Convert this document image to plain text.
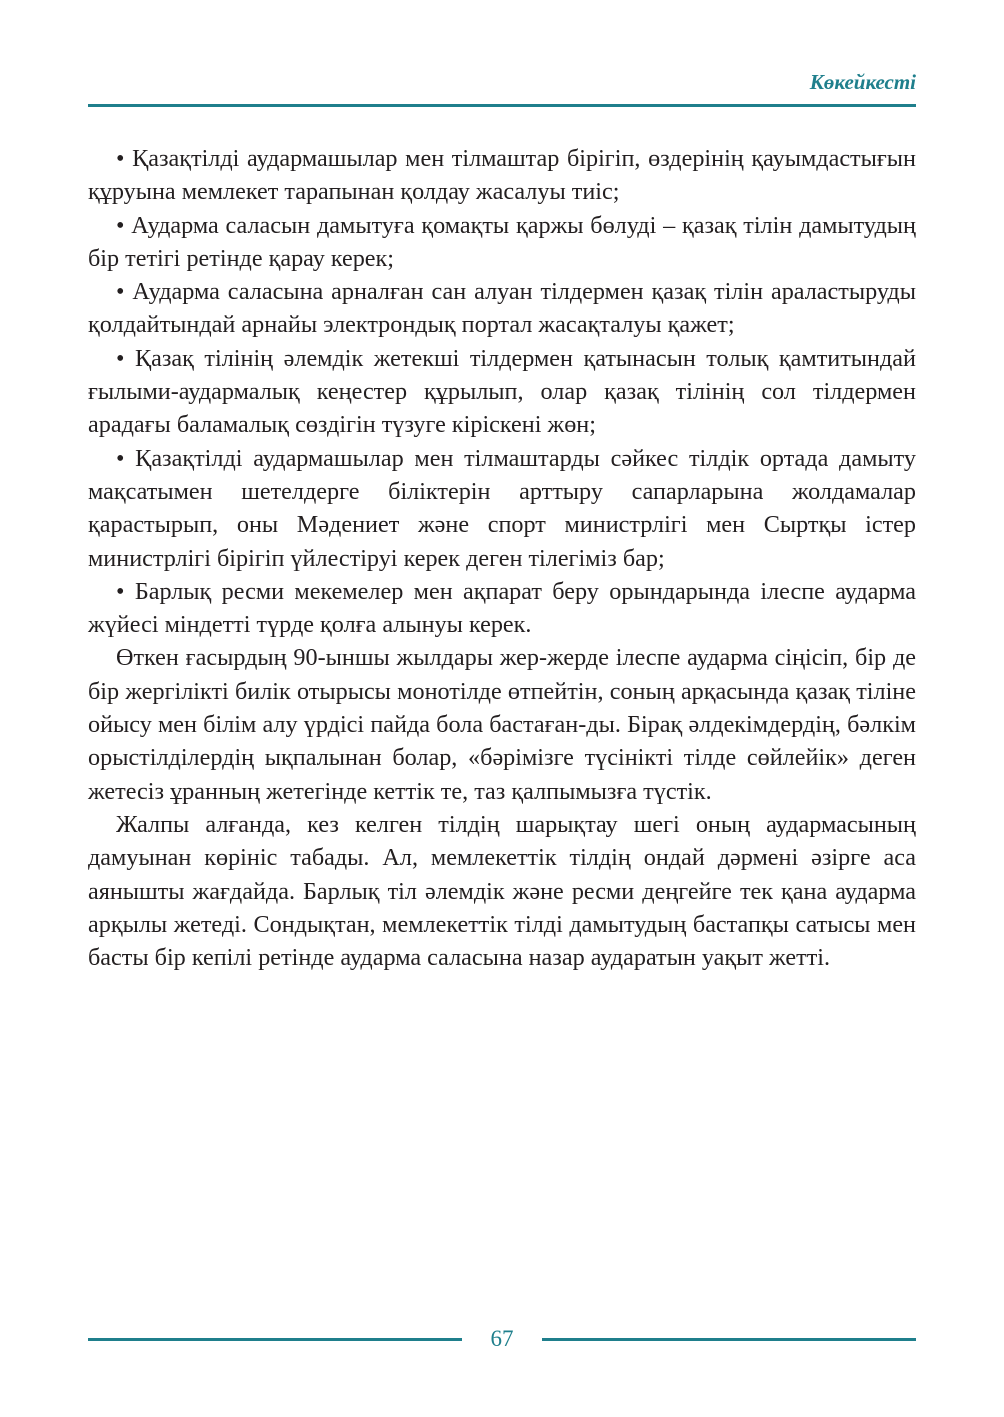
Көкейкесті

• Қазақтілді аудармашылар мен тілмаштар бірігіп, өздерінің қауымдастығын құруына мемлекет тарапынан қолдау жасалуы тиіс;

• Аударма саласын дамытуға қомақты қаржы бөлуді – қазақ тілін дамытудың бір тетігі ретінде қарау керек;

• Аударма саласына арналған сан алуан тілдермен қазақ тілін араластыруды қолдайтындай арнайы электрондық портал жасақталуы қажет;

• Қазақ тілінің әлемдік жетекші тілдермен қатынасын толық қамтитындай ғылыми-аудармалық кеңестер құрылып, олар қазақ тілінің сол тілдермен арадағы баламалық сөздігін түзуге кіріскені жөн;

• Қазақтілді аудармашылар мен тілмаштарды сәйкес тілдік ортада дамыту мақсатымен шетелдерге біліктерін арттыру сапарларына жолдамалар қарастырып, оны Мәдениет және спорт министрлігі мен Сыртқы істер министрлігі бірігіп үйлестіруі керек деген тілегіміз бар;

• Барлық ресми мекемелер мен ақпарат беру орындарында ілеспе аударма жүйесі міндетті түрде қолға алынуы керек.

Өткен ғасырдың 90-ыншы жылдары жер-жерде ілеспе аударма сіңісіп, бір де бір жергілікті билік отырысы монотілде өтпейтін, соның арқасында қазақ тіліне ойысу мен білім алу үрдісі пайда бола бастаған-ды. Бірақ әлдекімдердің, бәлкім орыстілділердің ықпалынан болар, «бәрімізге түсінікті тілде сөйлейік» деген жетесіз ұранның жетегінде кеттік те, таз қалпымызға түстік.

Жалпы алғанда, кез келген тілдің шарықтау шегі оның аудармасының дамуынан көрініс табады. Ал, мемлекеттік тілдің ондай дәрмені әзірге аса аянышты жағдайда. Барлық тіл әлемдік және ресми деңгейге тек қана аударма арқылы жетеді. Сондықтан, мемлекеттік тілді дамытудың бастапқы сатысы мен басты бір кепілі ретінде аударма саласына назар аударатын уақыт жетті.

67
